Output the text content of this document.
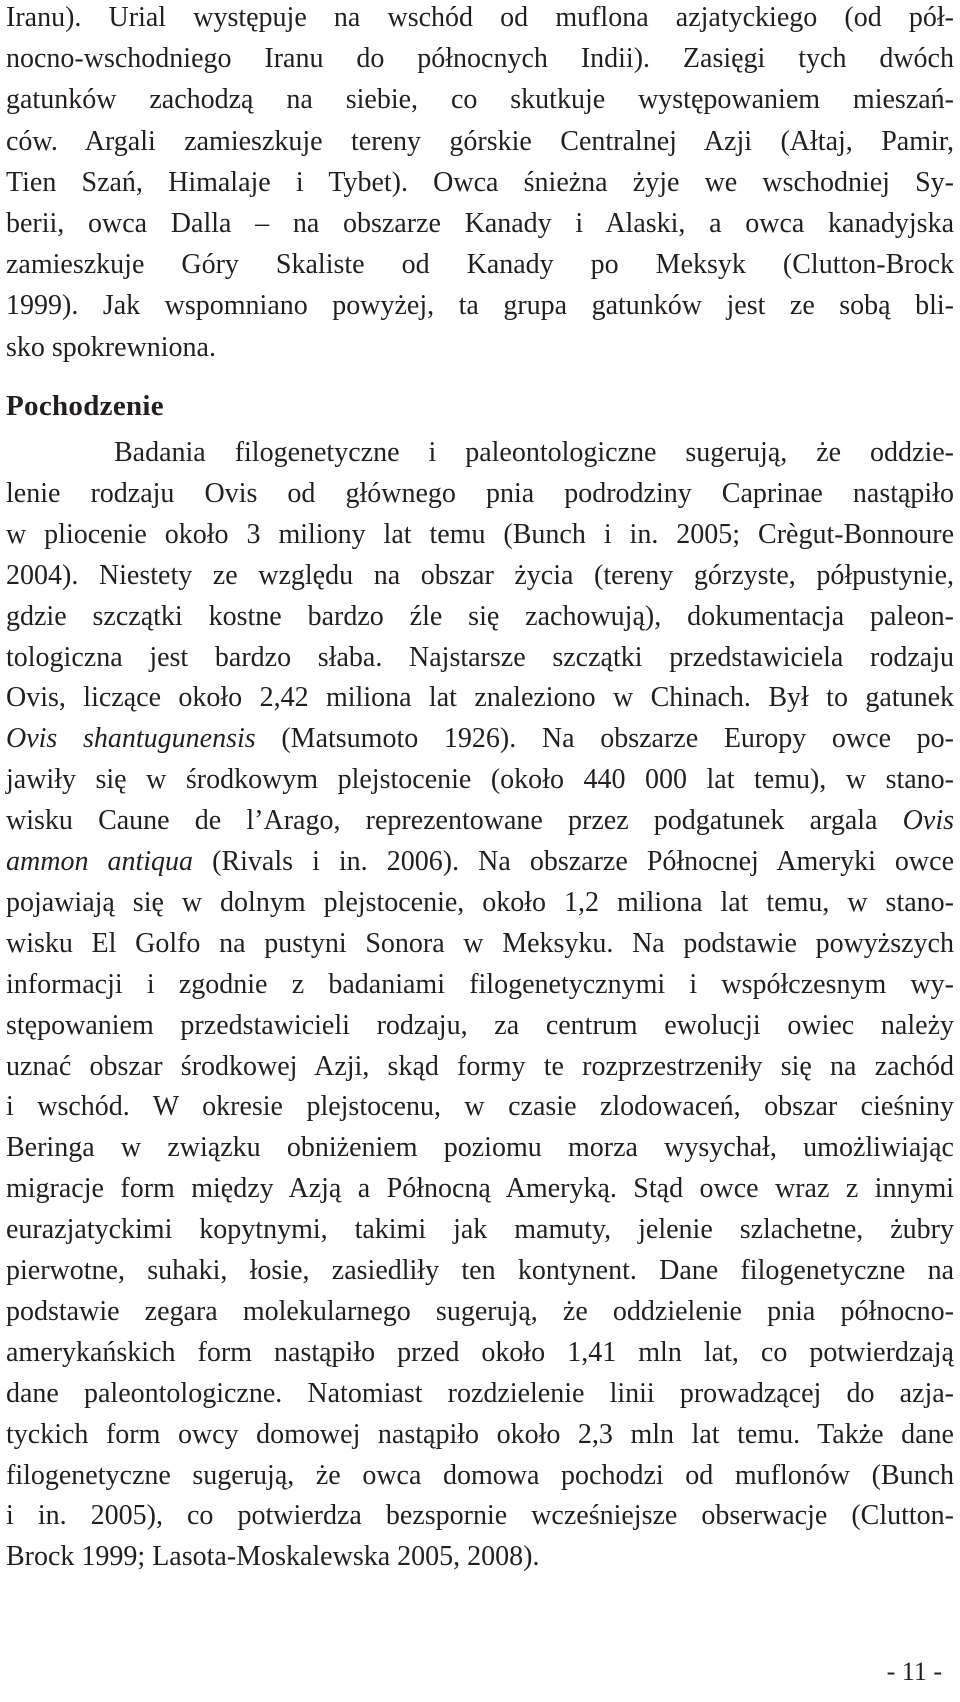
Iranu). Urial występuje na wschód od muflona azjatyckiego (od pół-
nocno-wschodniego Iranu do północnych Indii). Zasięgi tych dwóch
gatunków zachodzą na siebie, co skutkuje występowaniem mieszań-
ców. Argali zamieszkuje tereny górskie Centralnej Azji (Ałtaj, Pamir,
Tien Szań, Himalaje i Tybet). Owca śnieżna żyje we wschodniej Sy-
berii, owca Dalla – na obszarze Kanady i Alaski, a owca kanadyjska
zamieszkuje Góry Skaliste od Kanady po Meksyk (Clutton-Brock
1999). Jak wspomniano powyżej, ta grupa gatunków jest ze sobą bli-
sko spokrewniona.
Pochodzenie
Badania filogenetyczne i paleontologiczne sugerują, że oddzie-
lenie rodzaju Ovis od głównego pnia podrodziny Caprinae nastąpiło
w pliocenie około 3 miliony lat temu (Bunch i in. 2005; Crègut-Bonnoure
2004). Niestety ze względu na obszar życia (tereny górzyste, półpustynie,
gdzie szczątki kostne bardzo źle się zachowują), dokumentacja paleon-
tologiczna jest bardzo słaba. Najstarsze szczątki przedstawiciela rodzaju
Ovis, liczące około 2,42 miliona lat znaleziono w Chinach. Był to gatunek
Ovis shantugunensis (Matsumoto 1926). Na obszarze Europy owce po-
jawiły się w środkowym plejstocenie (około 440 000 lat temu), w stano-
wisku Caune de l’Arago, reprezentowane przez podgatunek argala Ovis
ammon antiqua (Rivals i in. 2006). Na obszarze Północnej Ameryki owce
pojawiają się w dolnym plejstocenie, około 1,2 miliona lat temu, w stano-
wisku El Golfo na pustyni Sonora w Meksyku. Na podstawie powyższych
informacji i zgodnie z badaniami filogenetycznymi i współczesnym wy-
stępowaniem przedstawicieli rodzaju, za centrum ewolucji owiec należy
uznać obszar środkowej Azji, skąd formy te rozprzestrzeniły się na zachód
i wschód. W okresie plejstocenu, w czasie zlodowaceń, obszar cieśniny
Beringa w związku obniżeniem poziomu morza wysychał, umożliwiając
migracje form między Azją a Północną Ameryką. Stąd owce wraz z innymi
eurazjatyckimi kopytnymi, takimi jak mamuty, jelenie szlachetne, żubry
pierwotne, suhaki, łosie, zasiedliły ten kontynent. Dane filogenetyczne na
podstawie zegara molekularnego sugerują, że oddzielenie pnia północno-
amerykańskich form nastąpiło przed około 1,41 mln lat, co potwierdzają
dane paleontologiczne. Natomiast rozdzielenie linii prowadzącej do azja-
tyckich form owcy domowej nastąpiło około 2,3 mln lat temu. Także dane
filogenetyczne sugerują, że owca domowa pochodzi od muflonów (Bunch
i in. 2005), co potwierdza bezspornie wcześniejsze obserwacje (Clutton-
Brock 1999; Lasota-Moskalewska 2005, 2008).
- 11 -
